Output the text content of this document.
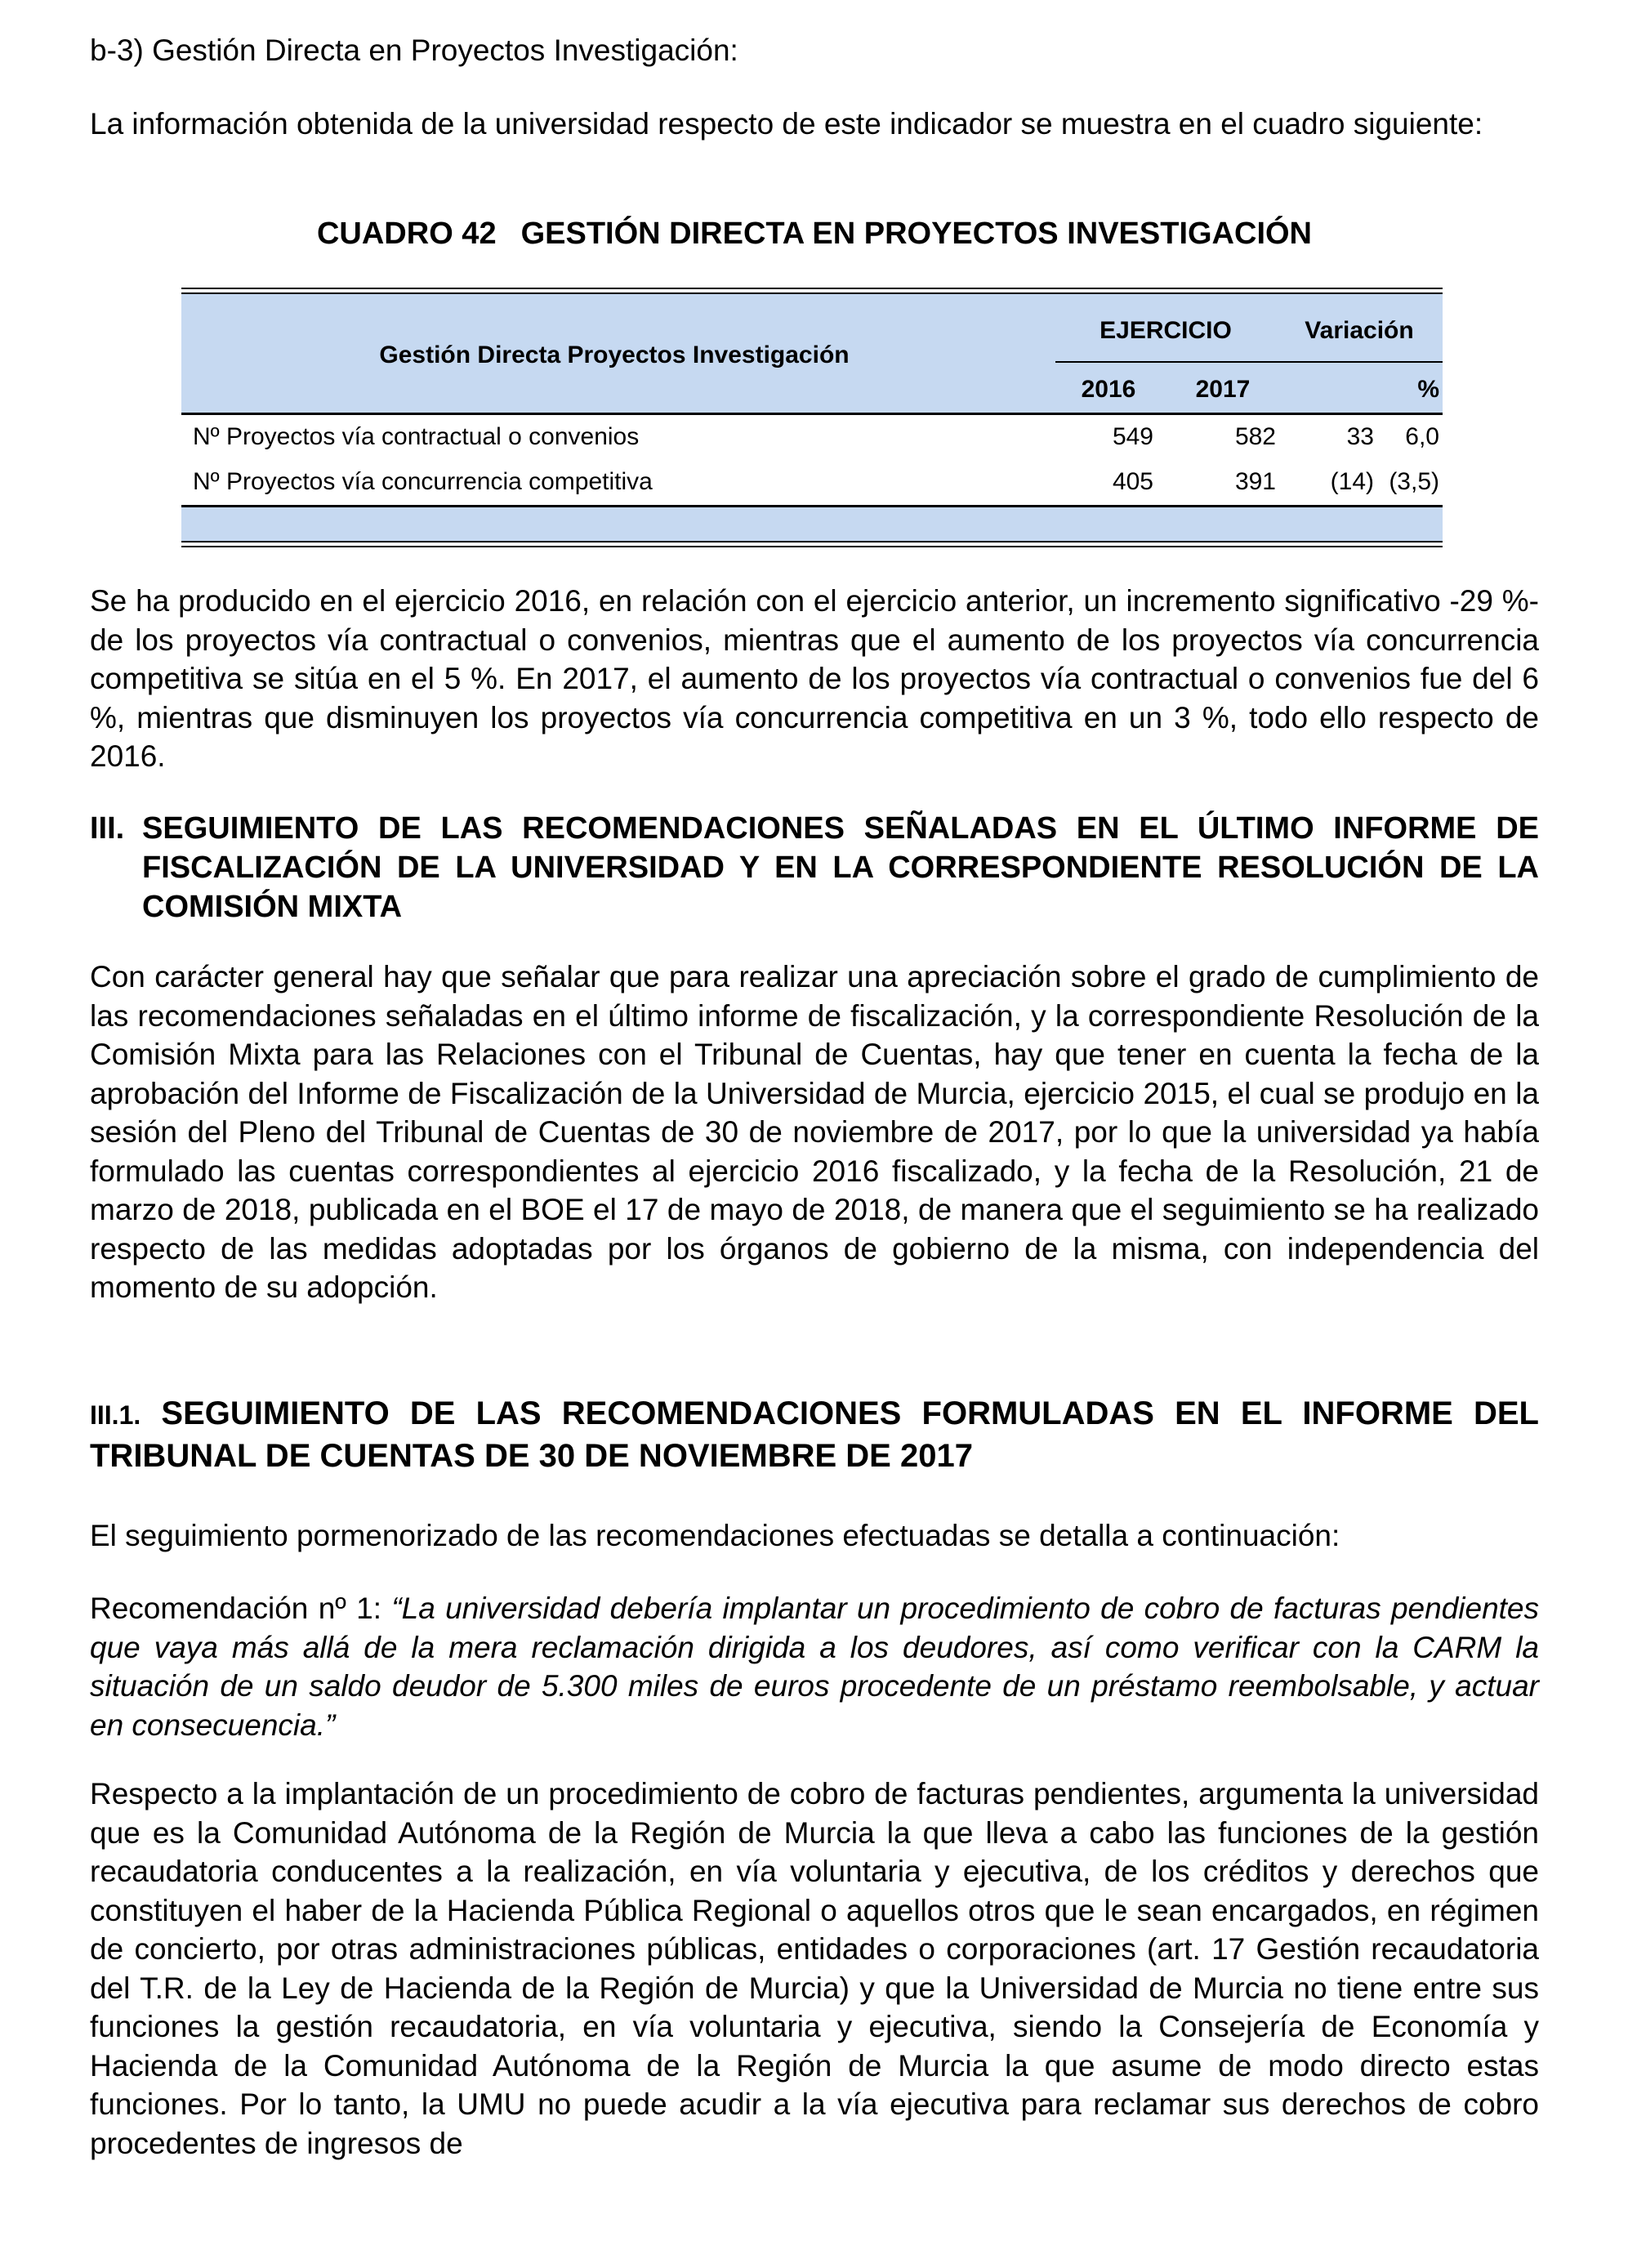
b-3) Gestión Directa en Proyectos Investigación:

La información obtenida de la universidad respecto de este indicador se muestra en el cuadro siguiente:

CUADRO 42 GESTIÓN DIRECTA EN PROYECTOS INVESTIGACIÓN
Gestión Directa Proyectos Investigación
EJERCICIO	Variación
2016	2017	%
Nº Proyectos vía contractual o convenios	549	582	33	6,0
Nº Proyectos vía concurrencia competitiva	405	391	(14) (3,5)

Se ha producido en el ejercicio 2016, en relación con el ejercicio anterior, un incremento significativo -29 %- de los proyectos vía contractual o convenios, mientras que el aumento de los proyectos vía concurrencia competitiva se sitúa en el 5 %. En 2017, el aumento de los proyectos vía contractual o convenios fue del 6 %, mientras que disminuyen los proyectos vía concurrencia competitiva en un 3 %, todo ello respecto de 2016.

III. SEGUIMIENTO DE LAS RECOMENDACIONES SEÑALADAS EN EL ÚLTIMO INFORME DE FISCALIZACIÓN DE LA UNIVERSIDAD Y EN LA CORRESPONDIENTE RESOLUCIÓN DE LA COMISIÓN MIXTA

Con carácter general hay que señalar que para realizar una apreciación sobre el grado de cumplimiento de las recomendaciones señaladas en el último informe de fiscalización, y la correspondiente Resolución de la Comisión Mixta para las Relaciones con el Tribunal de Cuentas, hay que tener en cuenta la fecha de la aprobación del Informe de Fiscalización de la Universidad de Murcia, ejercicio 2015, el cual se produjo en la sesión del Pleno del Tribunal de Cuentas de 30 de noviembre de 2017, por lo que la universidad ya había formulado las cuentas correspondientes al ejercicio 2016 fiscalizado, y la fecha de la Resolución, 21 de marzo de 2018, publicada en el BOE el 17 de mayo de 2018, de manera que el seguimiento se ha realizado respecto de las medidas adoptadas por los órganos de gobierno de la misma, con independencia del momento de su adopción.

III.1. SEGUIMIENTO DE LAS RECOMENDACIONES FORMULADAS EN EL INFORME DEL TRIBUNAL DE CUENTAS DE 30 DE NOVIEMBRE DE 2017

El seguimiento pormenorizado de las recomendaciones efectuadas se detalla a continuación:

Recomendación nº 1: “La universidad debería implantar un procedimiento de cobro de facturas pendientes que vaya más allá de la mera reclamación dirigida a los deudores, así como verificar con la CARM la situación de un saldo deudor de 5.300 miles de euros procedente de un préstamo reembolsable, y actuar en consecuencia.”

Respecto a la implantación de un procedimiento de cobro de facturas pendientes, argumenta la universidad que es la Comunidad Autónoma de la Región de Murcia la que lleva a cabo las funciones de la gestión recaudatoria conducentes a la realización, en vía voluntaria y ejecutiva, de los créditos y derechos que constituyen el haber de la Hacienda Pública Regional o aquellos otros que le sean encargados, en régimen de concierto, por otras administraciones públicas, entidades o corporaciones (art. 17 Gestión recaudatoria del T.R. de la Ley de Hacienda de la Región de Murcia) y que la Universidad de Murcia no tiene entre sus funciones la gestión recaudatoria, en vía voluntaria y ejecutiva, siendo la Consejería de Economía y Hacienda de la Comunidad Autónoma de la Región de Murcia la que asume de modo directo estas funciones. Por lo tanto, la UMU no puede acudir a la vía ejecutiva para reclamar sus derechos de cobro procedentes de ingresos de
